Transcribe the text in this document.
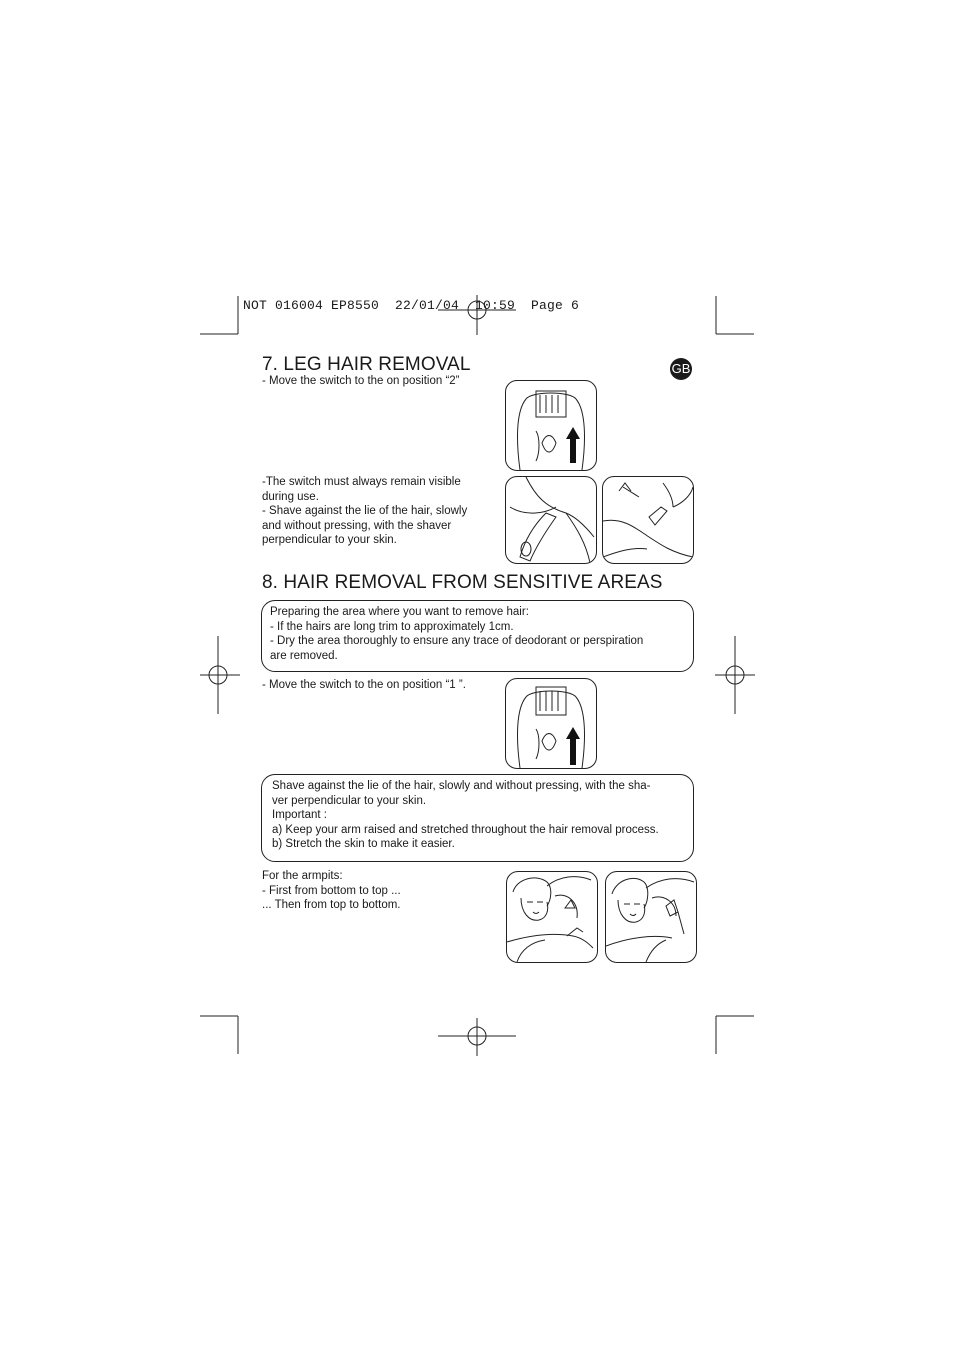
NOT 016004 EP8550  22/01/04  10:59  Page 6
GB
7. LEG HAIR REMOVAL
- Move the switch to the on position “2”
-The switch must always remain visible
during use.
- Shave against the lie of the hair, slowly
and without pressing, with the shaver
perpendicular to your skin.
8. HAIR REMOVAL FROM SENSITIVE AREAS
Preparing the area where you want to remove hair:
- If the hairs are long trim to approximately 1cm.
- Dry the area thoroughly to ensure any trace of deodorant or perspiration
are removed.
- Move the switch to the on position “1 ”.
Shave against the lie of the hair, slowly and without pressing, with the sha-
ver perpendicular to your skin.
Important :
a) Keep your arm raised and stretched throughout the hair removal process.
b) Stretch the skin to make it easier.
For the armpits:
- First from bottom to top ...
... Then from top to bottom.
